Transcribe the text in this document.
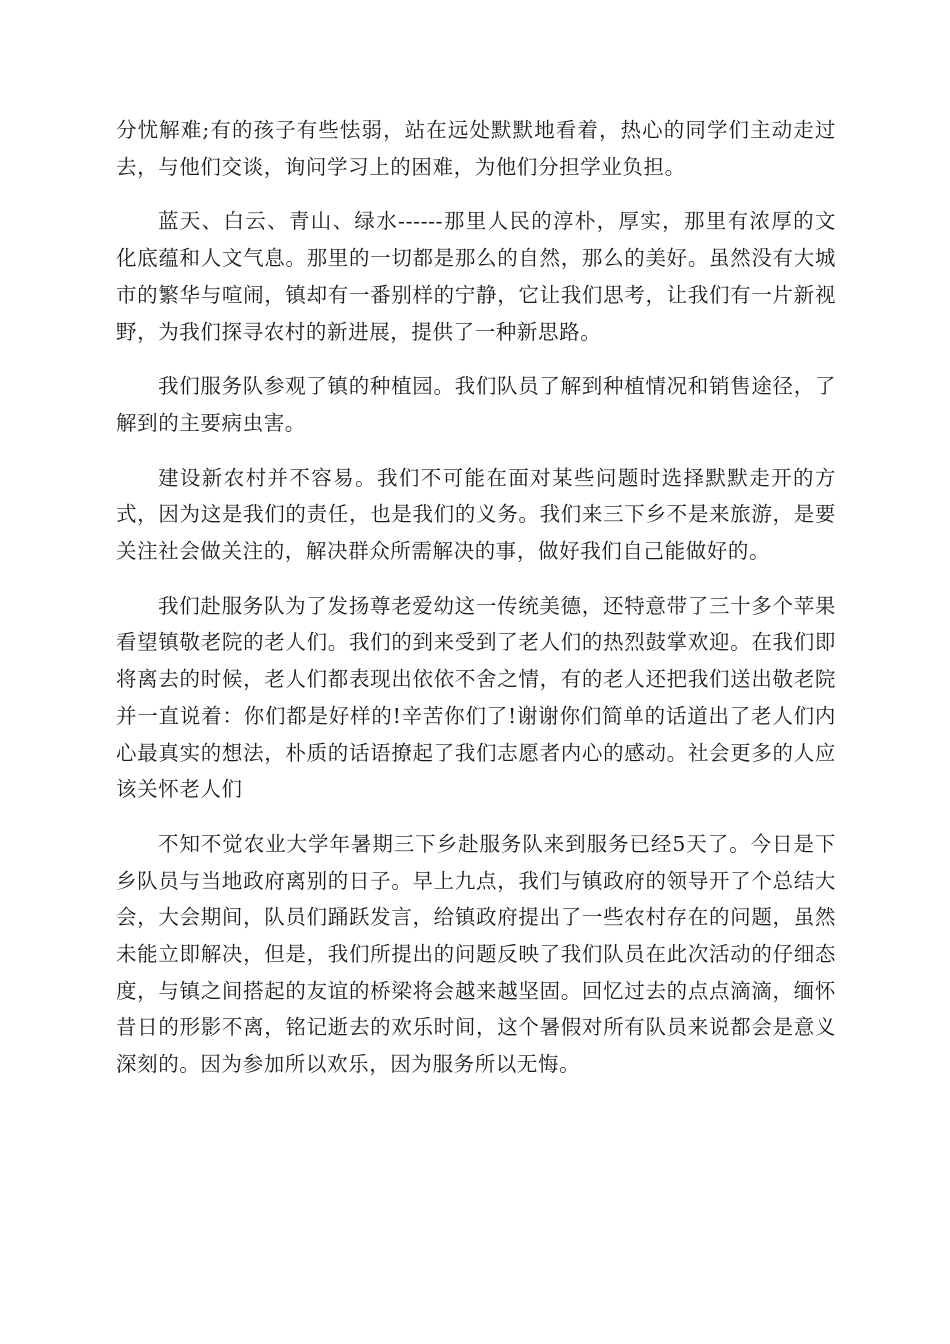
分忧解难;有的孩子有些怯弱，站在远处默默地看着，热心的同学们主动走过去，与他们交谈，询问学习上的困难，为他们分担学业负担。

蓝天、白云、青山、绿水------那里人民的淳朴，厚实，那里有浓厚的文化底蕴和人文气息。那里的一切都是那么的自然，那么的美好。虽然没有大城市的繁华与喧闹，镇却有一番别样的宁静，它让我们思考，让我们有一片新视野，为我们探寻农村的新进展，提供了一种新思路。

我们服务队参观了镇的种植园。我们队员了解到种植情况和销售途径，了解到的主要病虫害。

建设新农村并不容易。我们不可能在面对某些问题时选择默默走开的方式，因为这是我们的责任，也是我们的义务。我们来三下乡不是来旅游，是要关注社会做关注的，解决群众所需解决的事，做好我们自己能做好的。

我们赴服务队为了发扬尊老爱幼这一传统美德，还特意带了三十多个苹果看望镇敬老院的老人们。我们的到来受到了老人们的热烈鼓掌欢迎。在我们即将离去的时候，老人们都表现出依依不舍之情，有的老人还把我们送出敬老院并一直说着：你们都是好样的!辛苦你们了!谢谢你们简单的话道出了老人们内心最真实的想法，朴质的话语撩起了我们志愿者内心的感动。社会更多的人应该关怀老人们

不知不觉农业大学年暑期三下乡赴服务队来到服务已经5天了。今日是下乡队员与当地政府离别的日子。早上九点，我们与镇政府的领导开了个总结大会，大会期间，队员们踊跃发言，给镇政府提出了一些农村存在的问题，虽然未能立即解决，但是，我们所提出的问题反映了我们队员在此次活动的仔细态度，与镇之间搭起的友谊的桥梁将会越来越坚固。回忆过去的点点滴滴，缅怀昔日的形影不离，铭记逝去的欢乐时间，这个暑假对所有队员来说都会是意义深刻的。因为参加所以欢乐，因为服务所以无悔。
